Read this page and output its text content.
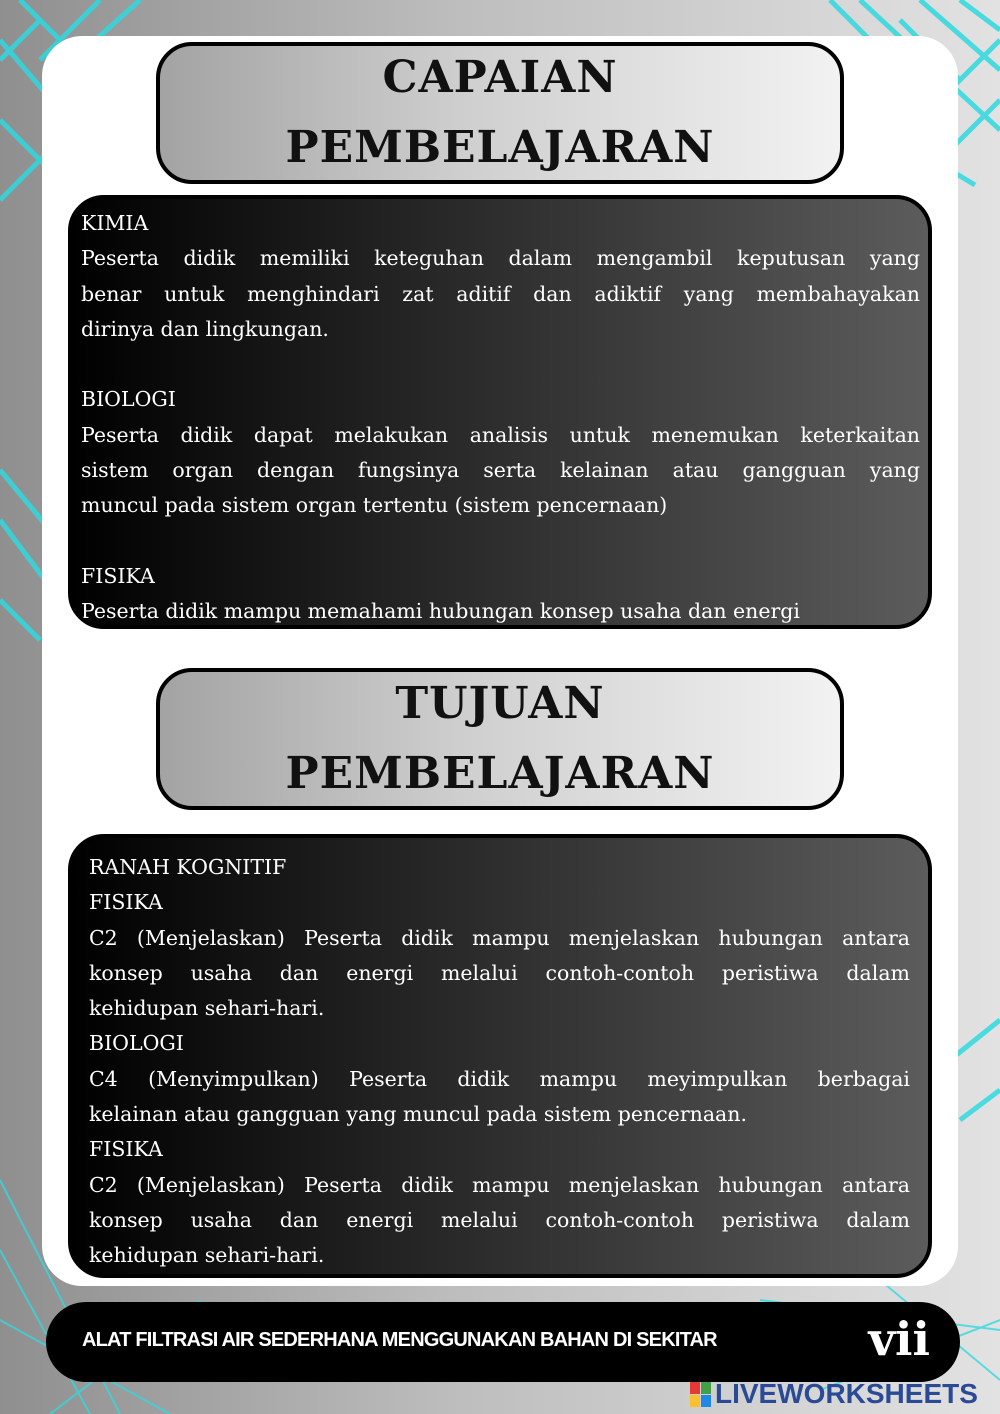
CAPAIAN
PEMBELAJARAN
KIMIA
Peserta didik memiliki keteguhan dalam mengambil keputusan yang
benar untuk menghindari zat aditif dan adiktif yang membahayakan
dirinya dan lingkungan.
BIOLOGI
Peserta didik dapat melakukan analisis untuk menemukan keterkaitan
sistem organ dengan fungsinya serta kelainan atau gangguan yang
muncul pada sistem organ tertentu (sistem pencernaan)
FISIKA
Peserta didik mampu memahami hubungan konsep usaha dan energi
TUJUAN
PEMBELAJARAN
RANAH KOGNITIF
FISIKA
C2 (Menjelaskan) Peserta didik mampu menjelaskan hubungan antara
konsep usaha dan energi melalui contoh-contoh peristiwa dalam
kehidupan sehari-hari.
BIOLOGI
C4 (Menyimpulkan) Peserta didik mampu meyimpulkan berbagai
kelainan atau gangguan yang muncul pada sistem pencernaan.
FISIKA
C2 (Menjelaskan) Peserta didik mampu menjelaskan hubungan antara
konsep usaha dan energi melalui contoh-contoh peristiwa dalam
kehidupan sehari-hari.
ALAT FILTRASI AIR SEDERHANA MENGGUNAKAN BAHAN DI SEKITAR	vii
LIVEWORKSHEETS
